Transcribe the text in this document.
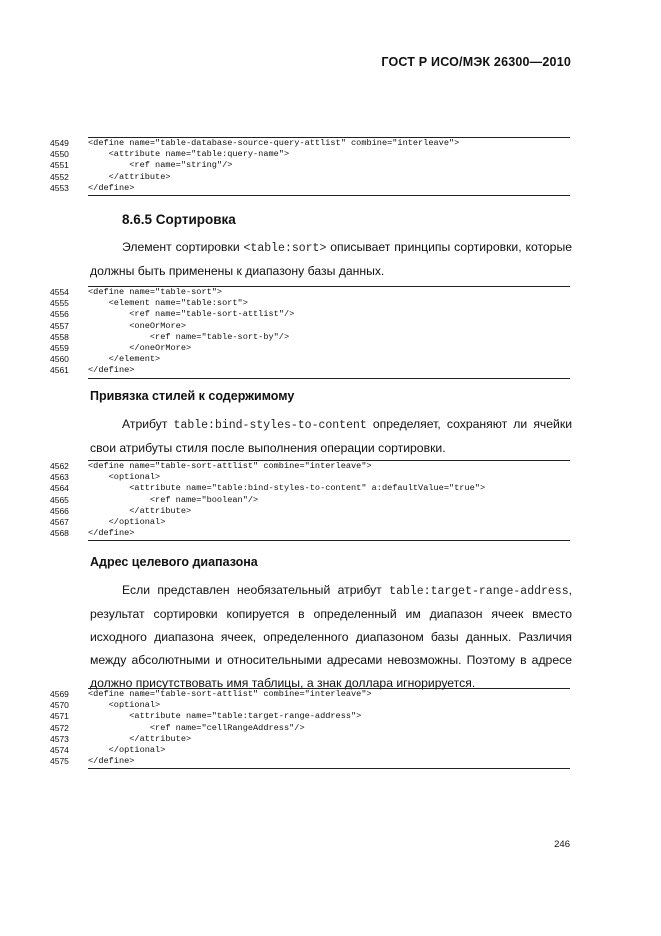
ГОСТ Р ИСО/МЭК 26300—2010
4549	<define name="table-database-source-query-attlist" combine="interleave">
4550	<attribute name="table:query-name">
4551	<ref name="string"/>
4552	</attribute>
4553	</define>
8.6.5 Сортировка
Элемент сортировки <table:sort> описывает принципы сортировки, которые должны быть применены к диапазону базы данных.
4554	<define name="table-sort">
4555	<element name="table:sort">
4556	<ref name="table-sort-attlist"/>
4557	<oneOrMore>
4558	<ref name="table-sort-by"/>
4559	</oneOrMore>
4560	</element>
4561	</define>
Привязка стилей к содержимому
Атрибут table:bind-styles-to-content определяет, сохраняют ли ячейки свои атрибуты стиля после выполнения операции сортировки.
4562	<define name="table-sort-attlist" combine="interleave">
4563	<optional>
4564	<attribute name="table:bind-styles-to-content" a:defaultValue="true">
4565	<ref name="boolean"/>
4566	</attribute>
4567	</optional>
4568	</define>
Адрес целевого диапазона
Если представлен необязательный атрибут table:target-range-address, результат сортировки копируется в определенный им диапазон ячеек вместо исходного диапазона ячеек, определенного диапазоном базы данных. Различия между абсолютными и относительными адресами невозможны. Поэтому в адресе должно присутствовать имя таблицы, а знак доллара игнорируется.
4569	<define name="table-sort-attlist" combine="interleave">
4570	<optional>
4571	<attribute name="table:target-range-address">
4572	<ref name="cellRangeAddress"/>
4573	</attribute>
4574	</optional>
4575	</define>
246
